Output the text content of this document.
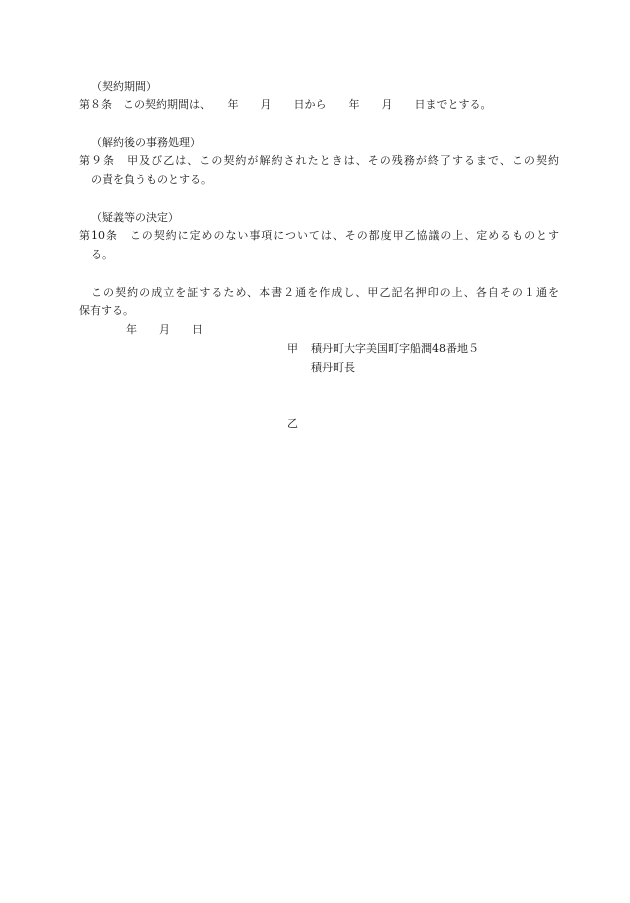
（契約期間）
第８条　この契約期間は、　　年　　月　　日から　　年　　月　　日までとする。
（解約後の事務処理）
第９条　甲及び乙は、この契約が解約されたときは、その残務が終了するまで、この契約
の責を負うものとする。
（疑義等の決定）
第10条　この契約に定めのない事項については、その都度甲乙協議の上、定めるものとす
る。
この契約の成立を証するため、本書２通を作成し、甲乙記名押印の上、各自その１通を
保有する。
年　　月　　日
甲 積丹町大字美国町字船澗48番地５
積丹町長
乙
